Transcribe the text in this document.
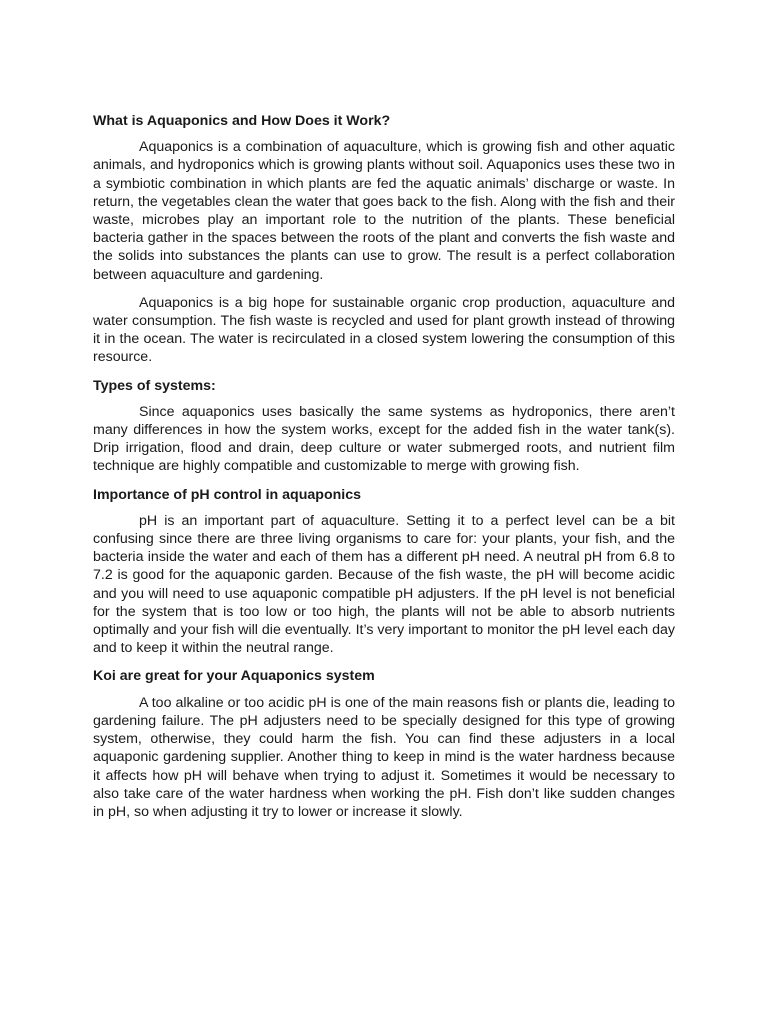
What is Aquaponics and How Does it Work?

Aquaponics is a combination of aquaculture, which is growing fish and other aquatic animals, and hydroponics which is growing plants without soil. Aquaponics uses these two in a symbiotic combination in which plants are fed the aquatic animals’ discharge or waste. In return, the vegetables clean the water that goes back to the fish. Along with the fish and their waste, microbes play an important role to the nutrition of the plants. These beneficial bacteria gather in the spaces between the roots of the plant and converts the fish waste and the solids into substances the plants can use to grow. The result is a perfect collaboration between aquaculture and gardening.

Aquaponics is a big hope for sustainable organic crop production, aquaculture and water consumption. The fish waste is recycled and used for plant growth instead of throwing it in the ocean. The water is recirculated in a closed system lowering the consumption of this resource.

Types of systems:

Since aquaponics uses basically the same systems as hydroponics, there aren’t many differences in how the system works, except for the added fish in the water tank(s). Drip irrigation, flood and drain, deep culture or water submerged roots, and nutrient film technique are highly compatible and customizable to merge with growing fish.

Importance of pH control in aquaponics

pH is an important part of aquaculture. Setting it to a perfect level can be a bit confusing since there are three living organisms to care for: your plants, your fish, and the bacteria inside the water and each of them has a different pH need. A neutral pH from 6.8 to 7.2 is good for the aquaponic garden. Because of the fish waste, the pH will become acidic and you will need to use aquaponic compatible pH adjusters. If the pH level is not beneficial for the system that is too low or too high, the plants will not be able to absorb nutrients optimally and your fish will die eventually. It’s very important to monitor the pH level each day and to keep it within the neutral range.

Koi are great for your Aquaponics system

A too alkaline or too acidic pH is one of the main reasons fish or plants die, leading to gardening failure. The pH adjusters need to be specially designed for this type of growing system, otherwise, they could harm the fish. You can find these adjusters in a local aquaponic gardening supplier. Another thing to keep in mind is the water hardness because it affects how pH will behave when trying to adjust it. Sometimes it would be necessary to also take care of the water hardness when working the pH. Fish don’t like sudden changes in pH, so when adjusting it try to lower or increase it slowly.
